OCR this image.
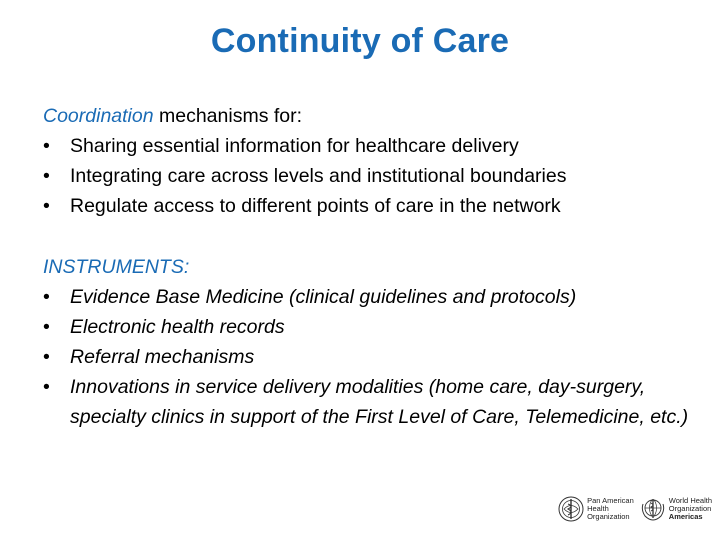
Continuity of Care
Coordination mechanisms for:
• Sharing essential information for healthcare delivery
• Integrating care across levels and institutional boundaries
• Regulate access to different points of care in the network
INSTRUMENTS:
• Evidence Base Medicine (clinical guidelines and protocols)
• Electronic health records
• Referral mechanisms
• Innovations in service delivery modalities (home care, day-surgery, specialty clinics in support of the First Level of Care, Telemedicine, etc.)
Pan American
Health
Organization
World Health
Organization
Americas
